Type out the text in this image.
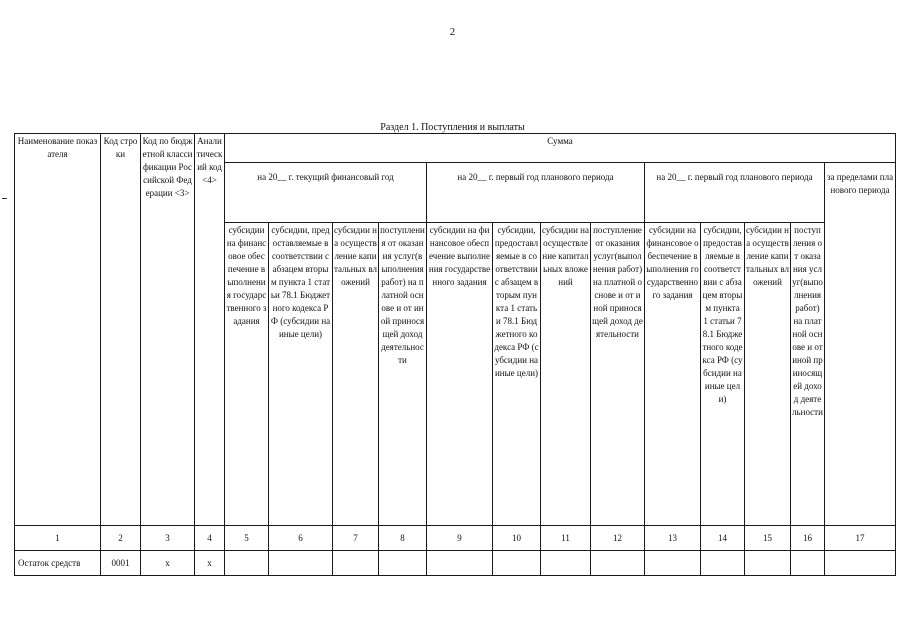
2
Раздел 1. Поступления и выплаты
Наименование показателя	Код строки	Код по бюджетной классификации Российской Федерации <3>	Аналитический код <4>	Сумма												
				на 20__ г. текущий финансовый год				на 20__ г. первый год планового периода				на 20__ г. первый год планового периода				за пределами планового периода
				субсидии на финансовое обеспечение выполнения государственного задания	субсидии, предоставляемые в соответствии с абзацем вторым пункта 1 статьи 78.1 Бюджетного кодекса РФ (субсидии на иные цели)	субсидии на осуществление капитальных вложений	поступления от оказания услуг(выполнения работ) на платной основе и от иной приносящей доход деятельности	субсидии на финансовое обеспечение выполнения государственного задания	субсидии, предоставляемые в соответствии с абзацем вторым пункта 1 статьи 78.1 Бюджетного кодекса РФ (субсидии на иные цели)	субсидии на осуществление капитальных вложений	поступление от оказания услуг(выполнения работ) на платной основе и от иной приносящей доход деятельности	субсидии на финансовое обеспечение выполнения государственного задания	субсидии, предоставляемые в соответствии с абзацем вторым пункта 1 статьи 78.1 Бюджетного кодекса РФ (субсидии на иные цели)	субсидии на осуществление капитальных вложений	поступления от оказания услуг(выполнения работ) на платной основе и от иной приносящей доход деятельности	
1	2	3	4	5	6	7	8	9	10	11	12	13	14	15	16	17
Остаток средств	0001	x	x													
